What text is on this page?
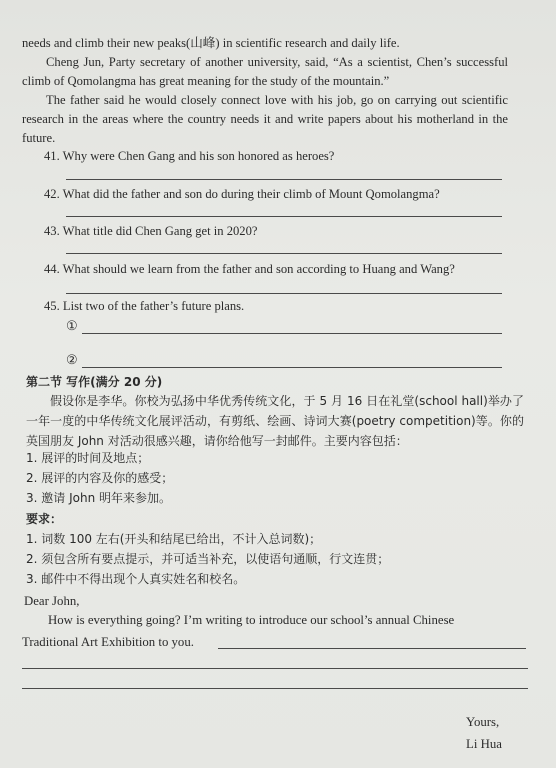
needs and climb their new peaks(山峰) in scientific research and daily life.

Cheng Jun, Party secretary of another university, said, “As a scientist, Chen’s successful climb of Qomolangma has great meaning for the study of the mountain.”

The father said he would closely connect love with his job, go on carrying out scientific research in the areas where the country needs it and write papers about his motherland in the future.

41. Why were Chen Gang and his son honored as heroes?
42. What did the father and son do during their climb of Mount Qomolangma?
43. What title did Chen Gang get in 2020?
44. What should we learn from the father and son according to Huang and Wang?
45. List two of the father’s future plans.
①
②
第二节 写作(满分 20 分)

假设你是李华。你校为弘扬中华优秀传统文化，于 5 月 16 日在礼堂(school hall)举办了一年一度的中华传统文化展评活动，有剪纸、绘画、诗词大赛(poetry competition)等。你的英国朋友 John 对活动很感兴趣，请你给他写一封邮件。主要内容包括：

1. 展评的时间及地点；
2. 展评的内容及你的感受；
3. 邀请 John 明年来参加。
要求：
1. 词数 100 左右(开头和结尾已给出，不计入总词数)；
2. 须包含所有要点提示，并可适当补充，以使语句通顺，行文连贯；
3. 邮件中不得出现个人真实姓名和校名。
Dear John,
How is everything going? I’m writing to introduce our school’s annual Chinese
Traditional Art Exhibition to you.
Yours,
Li Hua
